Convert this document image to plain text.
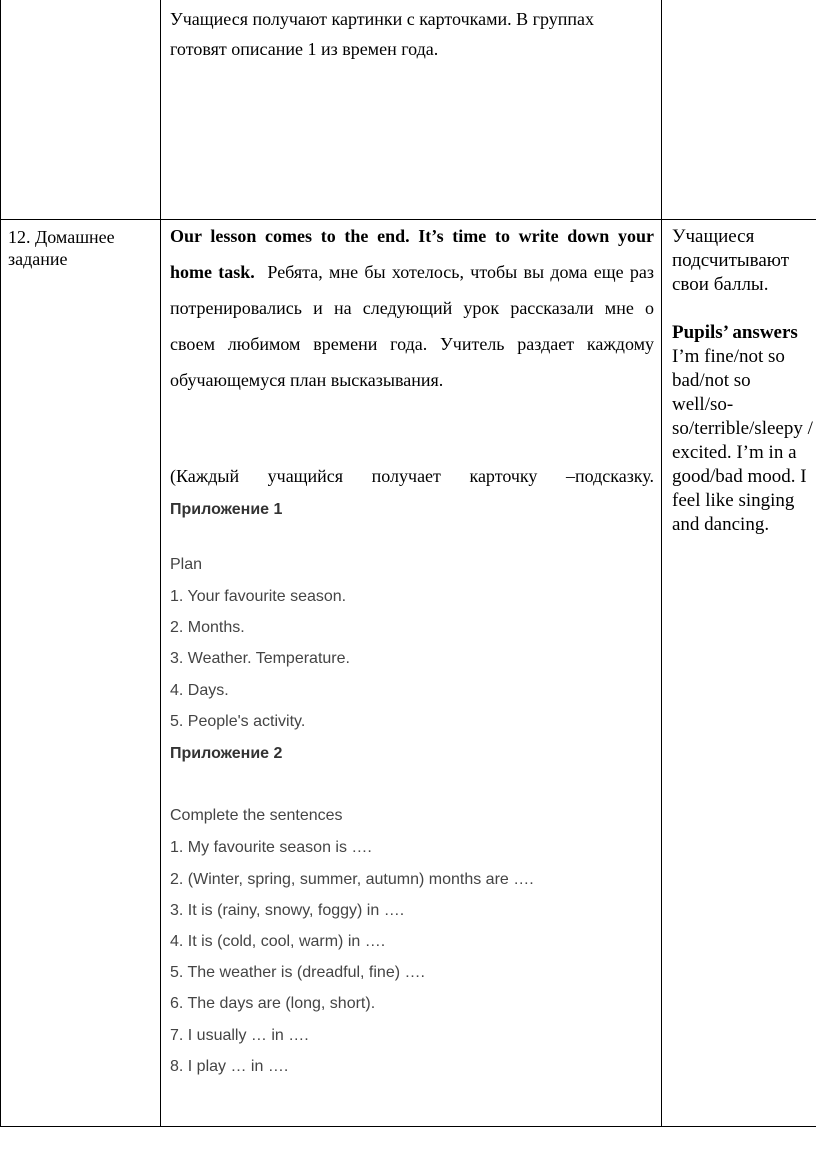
Учащиеся получают картинки с карточками. В группах готовят описание 1 из времен года.
12. Домашнее задание
Our lesson comes to the end. It’s time to write down your home task. Ребята, мне бы хотелось, чтобы вы дома еще раз потренировались и на следующий урок рассказали мне о своем любимом времени года. Учитель раздает каждому обучающемуся план высказывания.
(Каждый учащийся получает карточку –подсказку.
Приложение 1
Plan
1. Your favourite season.
2. Months.
3. Weather. Temperature.
4. Days.
5. People's activity.
Приложение 2
Complete the sentences
1. My favourite season is ….
2. (Winter, spring, summer, autumn) months are ….
3. It is (rainy, snowy, foggy) in ….
4. It is (cold, cool, warm) in ….
5. The weather is (dreadful, fine) ….
6. The days are (long, short).
7. I usually … in ….
8. I play … in ….
Учащиеся подсчитывают свои баллы.
Pupils’ answers
I’m fine/not so bad/not so well/so-so/terrible/sleepy / excited. I’m in a good/bad mood. I feel like singing and dancing.
